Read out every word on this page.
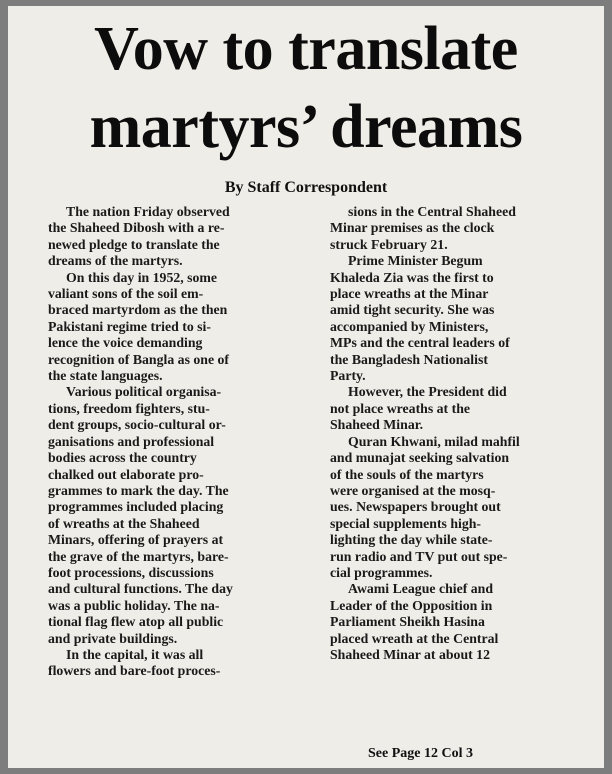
Vow to translate
martyrs’ dreams
By Staff Correspondent
The nation Friday observed
the Shaheed Dibosh with a re-
newed pledge to translate the
dreams of the martyrs.
On this day in 1952, some
valiant sons of the soil em-
braced martyrdom as the then
Pakistani regime tried to si-
lence the voice demanding
recognition of Bangla as one of
the state languages.
Various political organisa-
tions, freedom fighters, stu-
dent groups, socio-cultural or-
ganisations and professional
bodies across the country
chalked out elaborate pro-
grammes to mark the day. The
programmes included placing
of wreaths at the Shaheed
Minars, offering of prayers at
the grave of the martyrs, bare-
foot processions, discussions
and cultural functions. The day
was a public holiday. The na-
tional flag flew atop all public
and private buildings.
In the capital, it was all
flowers and bare-foot proces-
sions in the Central Shaheed
Minar premises as the clock
struck February 21.
Prime Minister Begum
Khaleda Zia was the first to
place wreaths at the Minar
amid tight security. She was
accompanied by Ministers,
MPs and the central leaders of
the Bangladesh Nationalist
Party.
However, the President did
not place wreaths at the
Shaheed Minar.
Quran Khwani, milad mahfil
and munajat seeking salvation
of the souls of the martyrs
were organised at the mosq-
ues. Newspapers brought out
special supplements high-
lighting the day while state-
run radio and TV put out spe-
cial programmes.
Awami League chief and
Leader of the Opposition in
Parliament Sheikh Hasina
placed wreath at the Central
Shaheed Minar at about 12
See Page 12 Col 3
